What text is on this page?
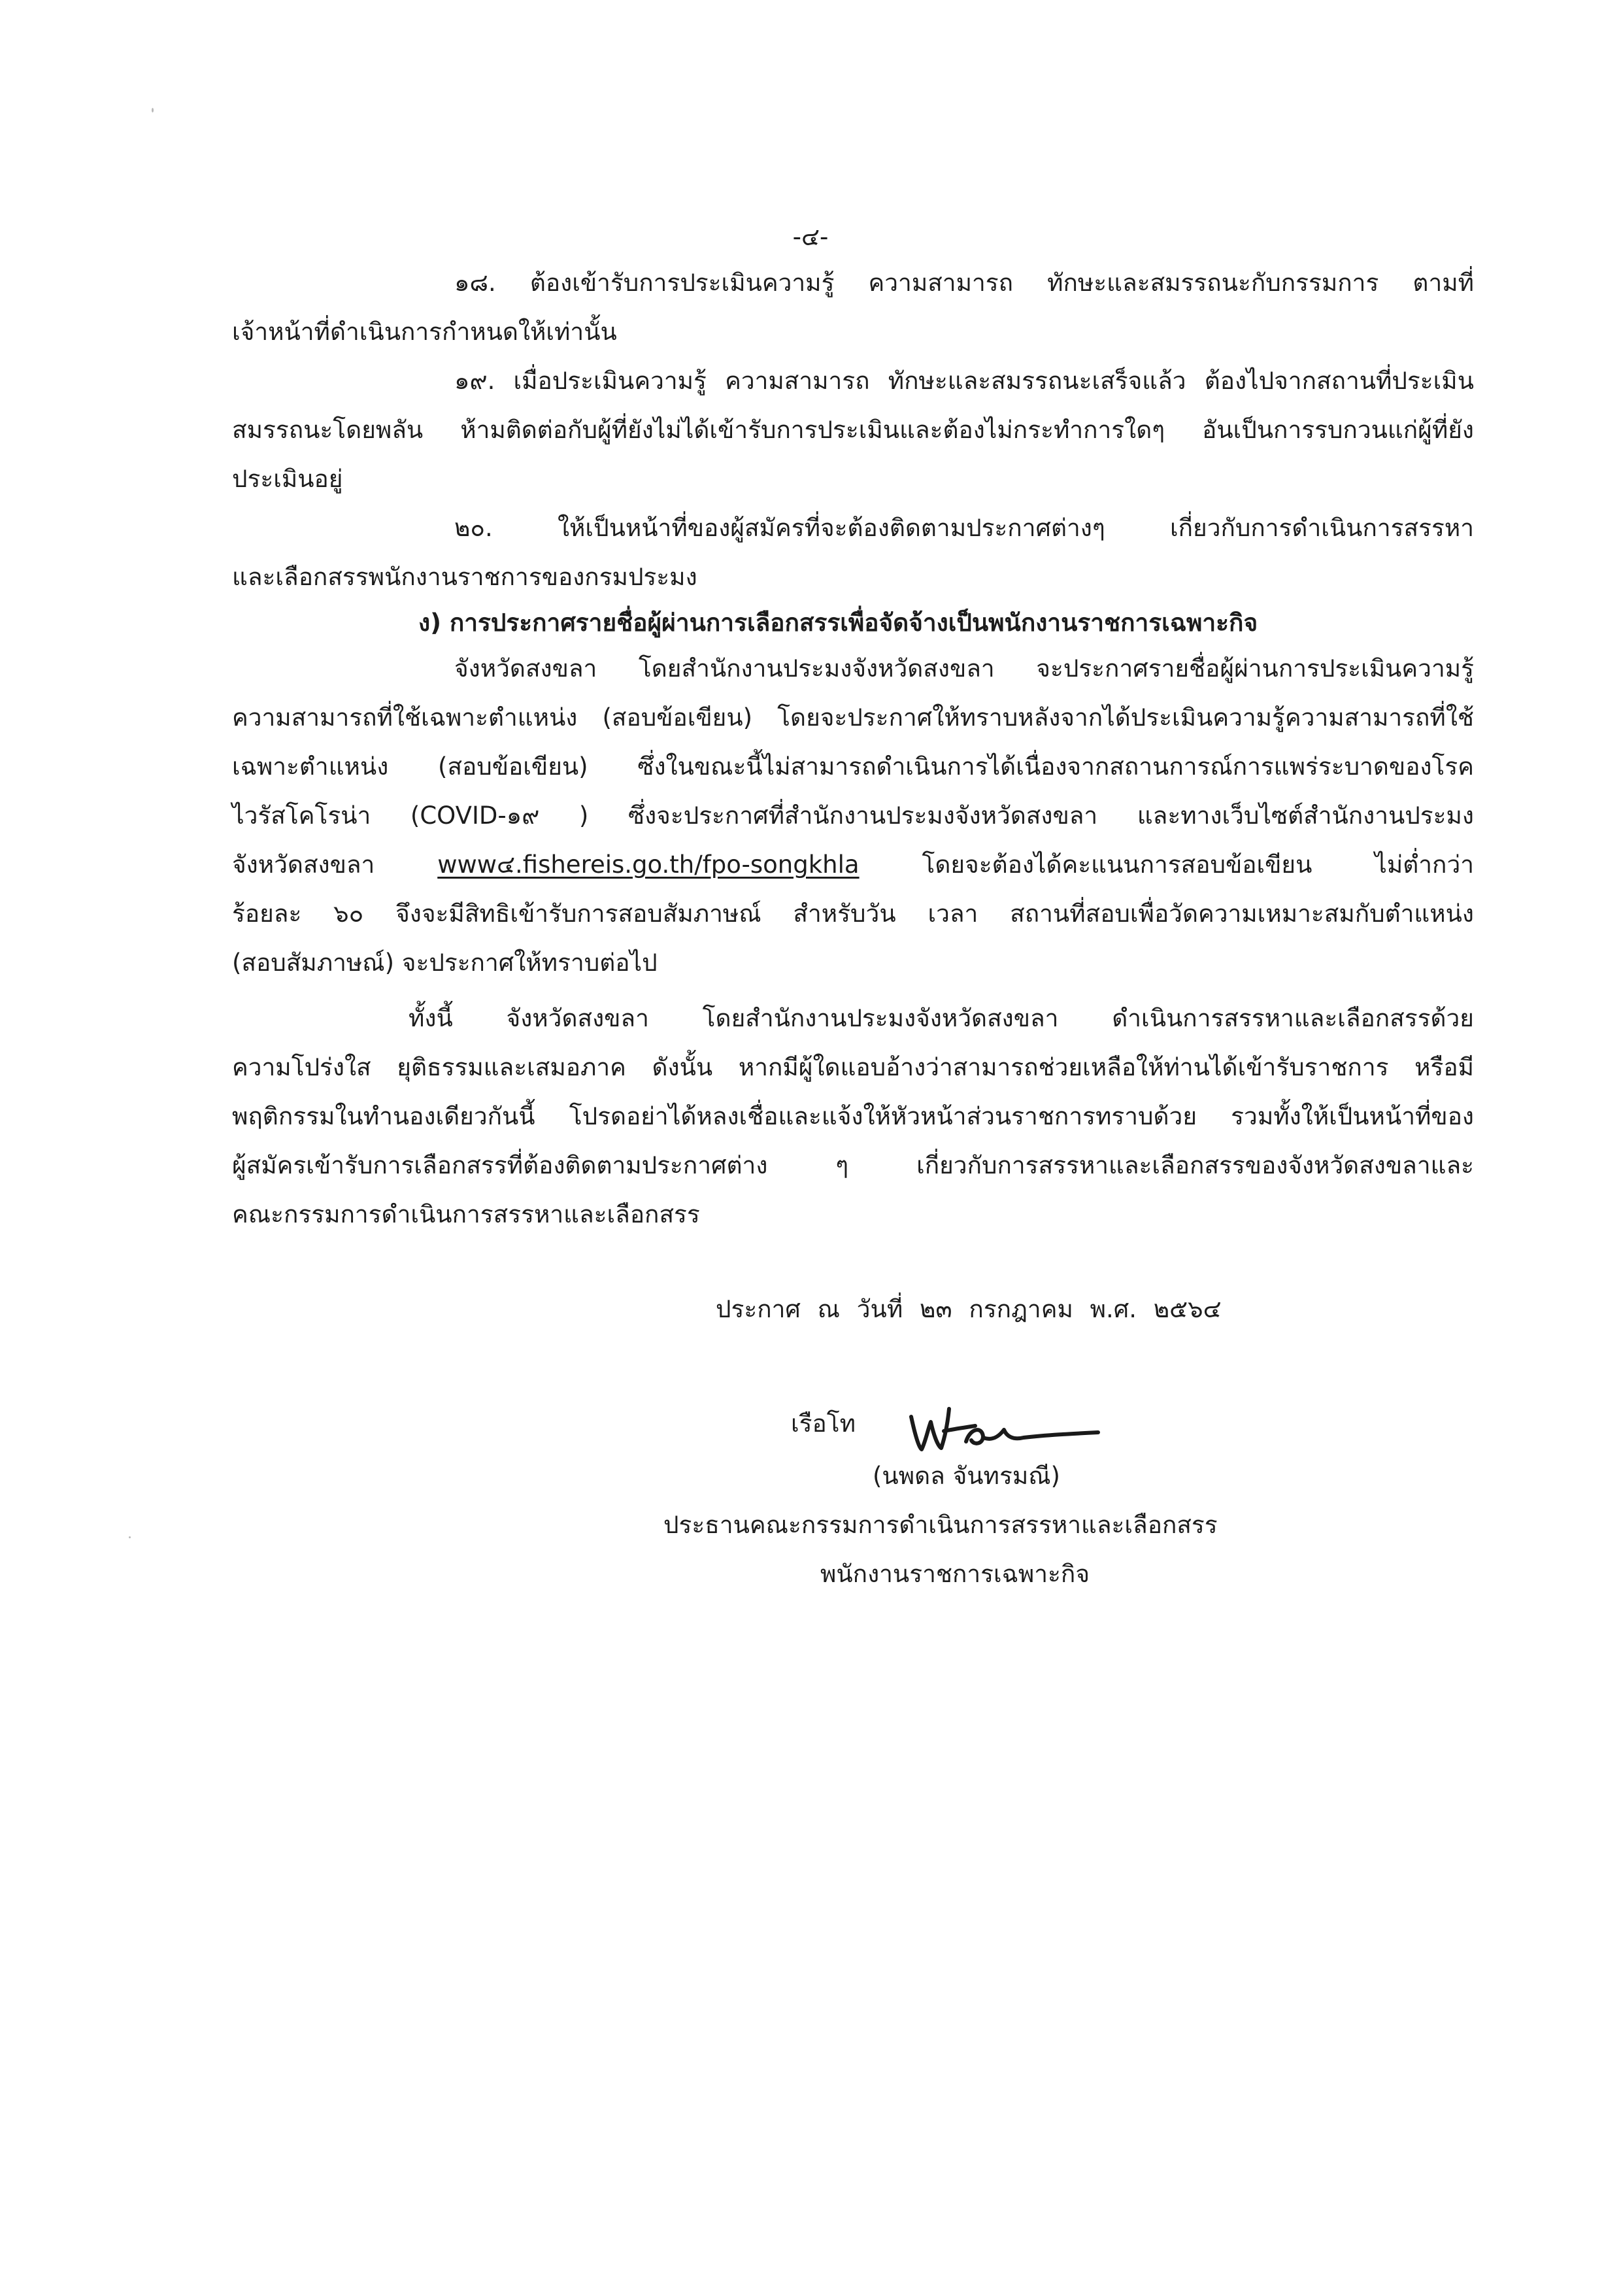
-๔-
๑๘. ต้องเข้ารับการประเมินความรู้ ความสามารถ ทักษะและสมรรถนะกับกรรมการ ตามที่
เจ้าหน้าที่ดำเนินการกำหนดให้เท่านั้น
๑๙. เมื่อประเมินความรู้ ความสามารถ ทักษะและสมรรถนะเสร็จแล้ว ต้องไปจากสถานที่ประเมิน
สมรรถนะโดยพลัน ห้ามติดต่อกับผู้ที่ยังไม่ได้เข้ารับการประเมินและต้องไม่กระทำการใดๆ อันเป็นการรบกวนแก่ผู้ที่ยัง
ประเมินอยู่
๒๐. ให้เป็นหน้าที่ของผู้สมัครที่จะต้องติดตามประกาศต่างๆ เกี่ยวกับการดำเนินการสรรหา
และเลือกสรรพนักงานราชการของกรมประมง
ง) การประกาศรายชื่อผู้ผ่านการเลือกสรรเพื่อจัดจ้างเป็นพนักงานราชการเฉพาะกิจ
จังหวัดสงขลา โดยสำนักงานประมงจังหวัดสงขลา จะประกาศรายชื่อผู้ผ่านการประเมินความรู้
ความสามารถที่ใช้เฉพาะตำแหน่ง (สอบข้อเขียน) โดยจะประกาศให้ทราบหลังจากได้ประเมินความรู้ความสามารถที่ใช้
เฉพาะตำแหน่ง (สอบข้อเขียน) ซึ่งในขณะนี้ไม่สามารถดำเนินการได้เนื่องจากสถานการณ์การแพร่ระบาดของโรค
ไวรัสโคโรน่า (COVID-๑๙ ) ซึ่งจะประกาศที่สำนักงานประมงจังหวัดสงขลา และทางเว็บไซต์สำนักงานประมง
จังหวัดสงขลา	www๔.fishereis.go.th/fpo-songkhla	โดยจะต้องได้คะแนนการสอบข้อเขียน ไม่ต่ำกว่า
ร้อยละ ๖๐ จึงจะมีสิทธิเข้ารับการสอบสัมภาษณ์ สำหรับวัน เวลา สถานที่สอบเพื่อวัดความเหมาะสมกับตำแหน่ง
(สอบสัมภาษณ์) จะประกาศให้ทราบต่อไป
ทั้งนี้ จังหวัดสงขลา โดยสำนักงานประมงจังหวัดสงขลา ดำเนินการสรรหาและเลือกสรรด้วย
ความโปร่งใส ยุติธรรมและเสมอภาค ดังนั้น หากมีผู้ใดแอบอ้างว่าสามารถช่วยเหลือให้ท่านได้เข้ารับราชการ หรือมี
พฤติกรรมในทำนองเดียวกันนี้ โปรดอย่าได้หลงเชื่อและแจ้งให้หัวหน้าส่วนราชการทราบด้วย รวมทั้งให้เป็นหน้าที่ของ
ผู้สมัครเข้ารับการเลือกสรรที่ต้องติดตามประกาศต่าง ๆ เกี่ยวกับการสรรหาและเลือกสรรของจังหวัดสงขลาและ
คณะกรรมการดำเนินการสรรหาและเลือกสรร
ประกาศ ณ วันที่ ๒๓ กรกฎาคม พ.ศ. ๒๕๖๔
เรือโท
(นพดล จันทรมณี)
ประธานคณะกรรมการดำเนินการสรรหาและเลือกสรร
พนักงานราชการเฉพาะกิจ
